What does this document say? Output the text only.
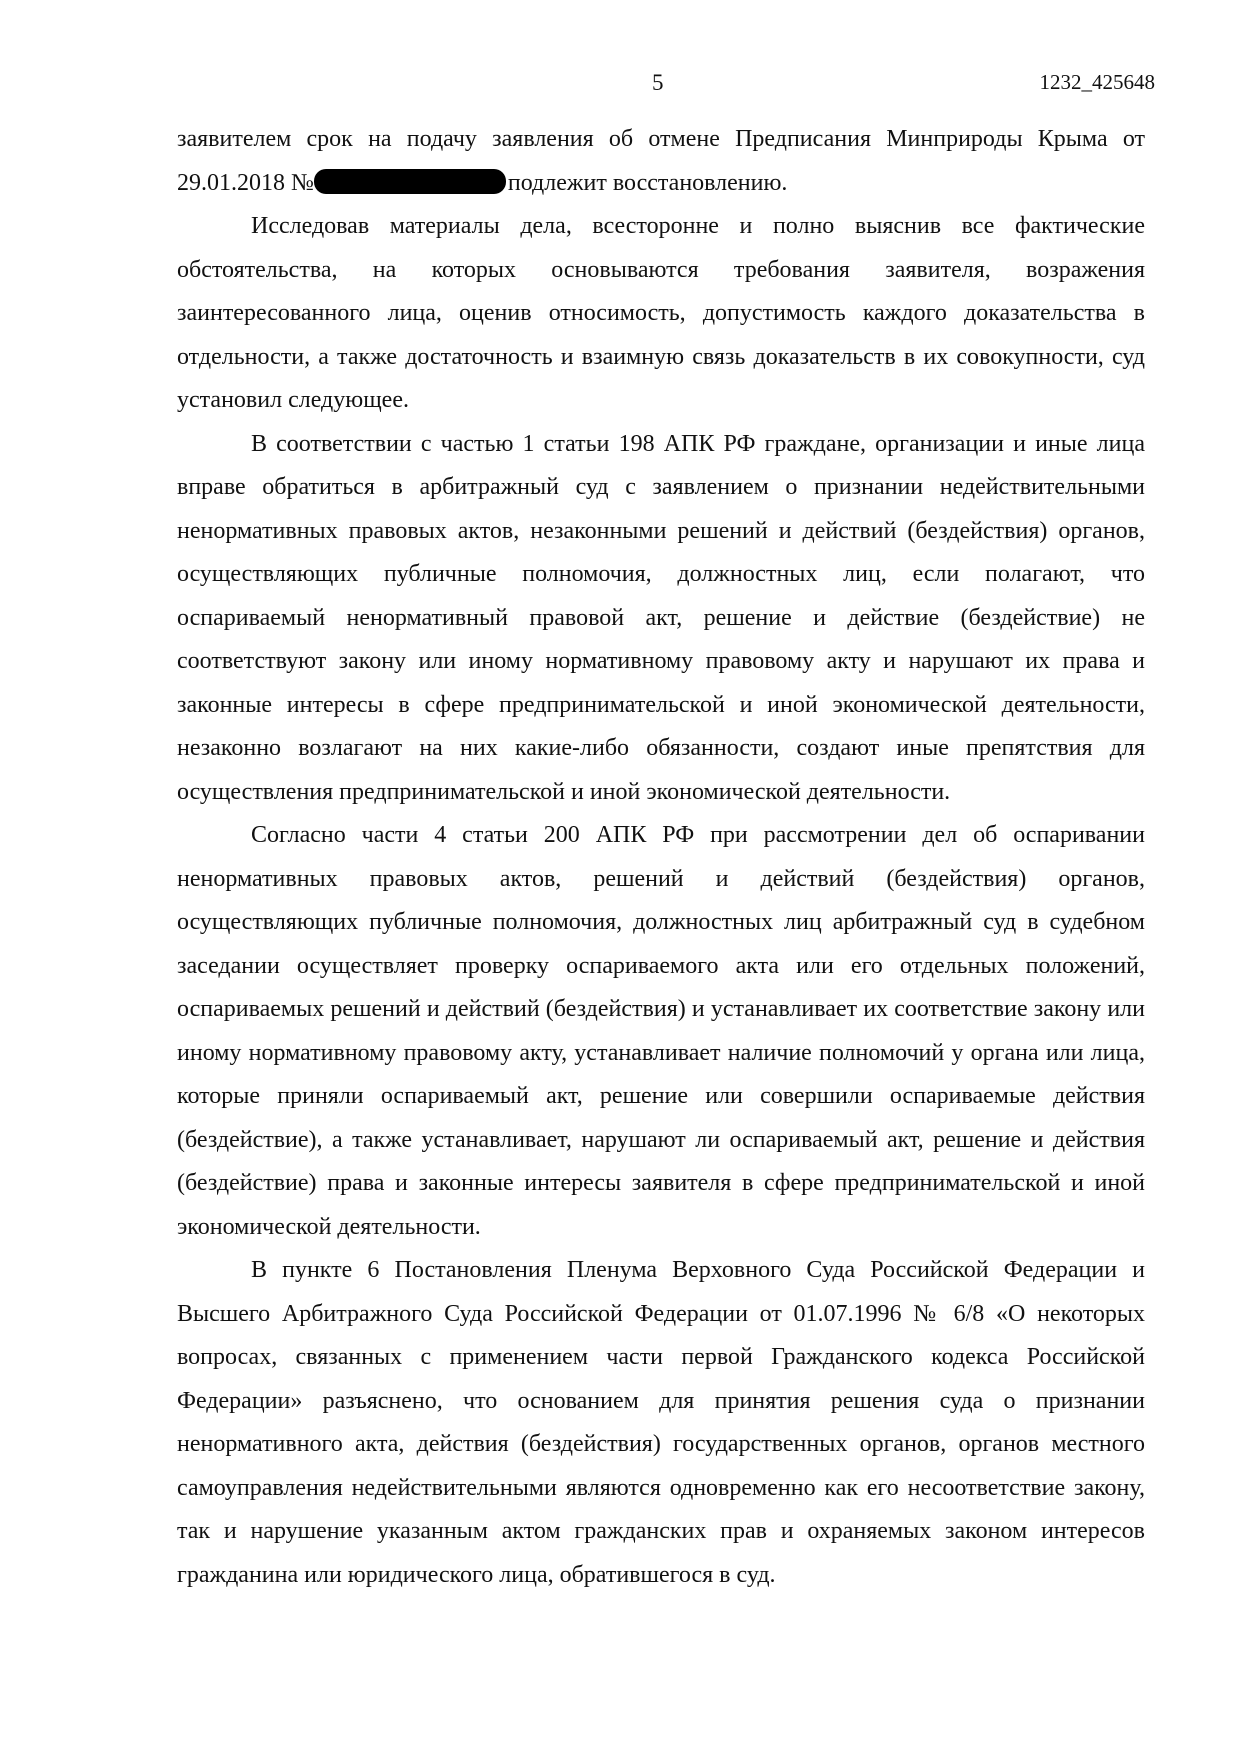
5	1232_425648

заявителем срок на подачу заявления об отмене Предписания Минприроды Крыма от 29.01.2018 №	подлежит восстановлению.

Исследовав материалы дела, всесторонне и полно выяснив все фактические обстоятельства, на которых основываются требования заявителя, возражения заинтересованного лица, оценив относимость, допустимость каждого доказательства в отдельности, а также достаточность и взаимную связь доказательств в их совокупности, суд установил следующее.

В соответствии с частью 1 статьи 198 АПК РФ граждане, организации и иные лица вправе обратиться в арбитражный суд с заявлением о признании недействительными ненормативных правовых актов, незаконными решений и действий (бездействия) органов, осуществляющих публичные полномочия, должностных лиц, если полагают, что оспариваемый ненормативный правовой акт, решение и действие (бездействие) не соответствуют закону или иному нормативному правовому акту и нарушают их права и законные интересы в сфере предпринимательской и иной экономической деятельности, незаконно возлагают на них какие-либо обязанности, создают иные препятствия для осуществления предпринимательской и иной экономической деятельности.

Согласно части 4 статьи 200 АПК РФ при рассмотрении дел об оспаривании ненормативных правовых актов, решений и действий (бездействия) органов, осуществляющих публичные полномочия, должностных лиц арбитражный суд в судебном заседании осуществляет проверку оспариваемого акта или его отдельных положений, оспариваемых решений и действий (бездействия) и устанавливает их соответствие закону или иному нормативному правовому акту, устанавливает наличие полномочий у органа или лица, которые приняли оспариваемый акт, решение или совершили оспариваемые действия (бездействие), а также устанавливает, нарушают ли оспариваемый акт, решение и действия (бездействие) права и законные интересы заявителя в сфере предпринимательской и иной экономической деятельности.

В пункте 6 Постановления Пленума Верховного Суда Российской Федерации и Высшего Арбитражного Суда Российской Федерации от 01.07.1996 № 6/8 «О некоторых вопросах, связанных с применением части первой Гражданского кодекса Российской Федерации» разъяснено, что основанием для принятия решения суда о признании ненормативного акта, действия (бездействия) государственных органов, органов местного самоуправления недействительными являются одновременно как его несоответствие закону, так и нарушение указанным актом гражданских прав и охраняемых законом интересов гражданина или юридического лица, обратившегося в суд.
